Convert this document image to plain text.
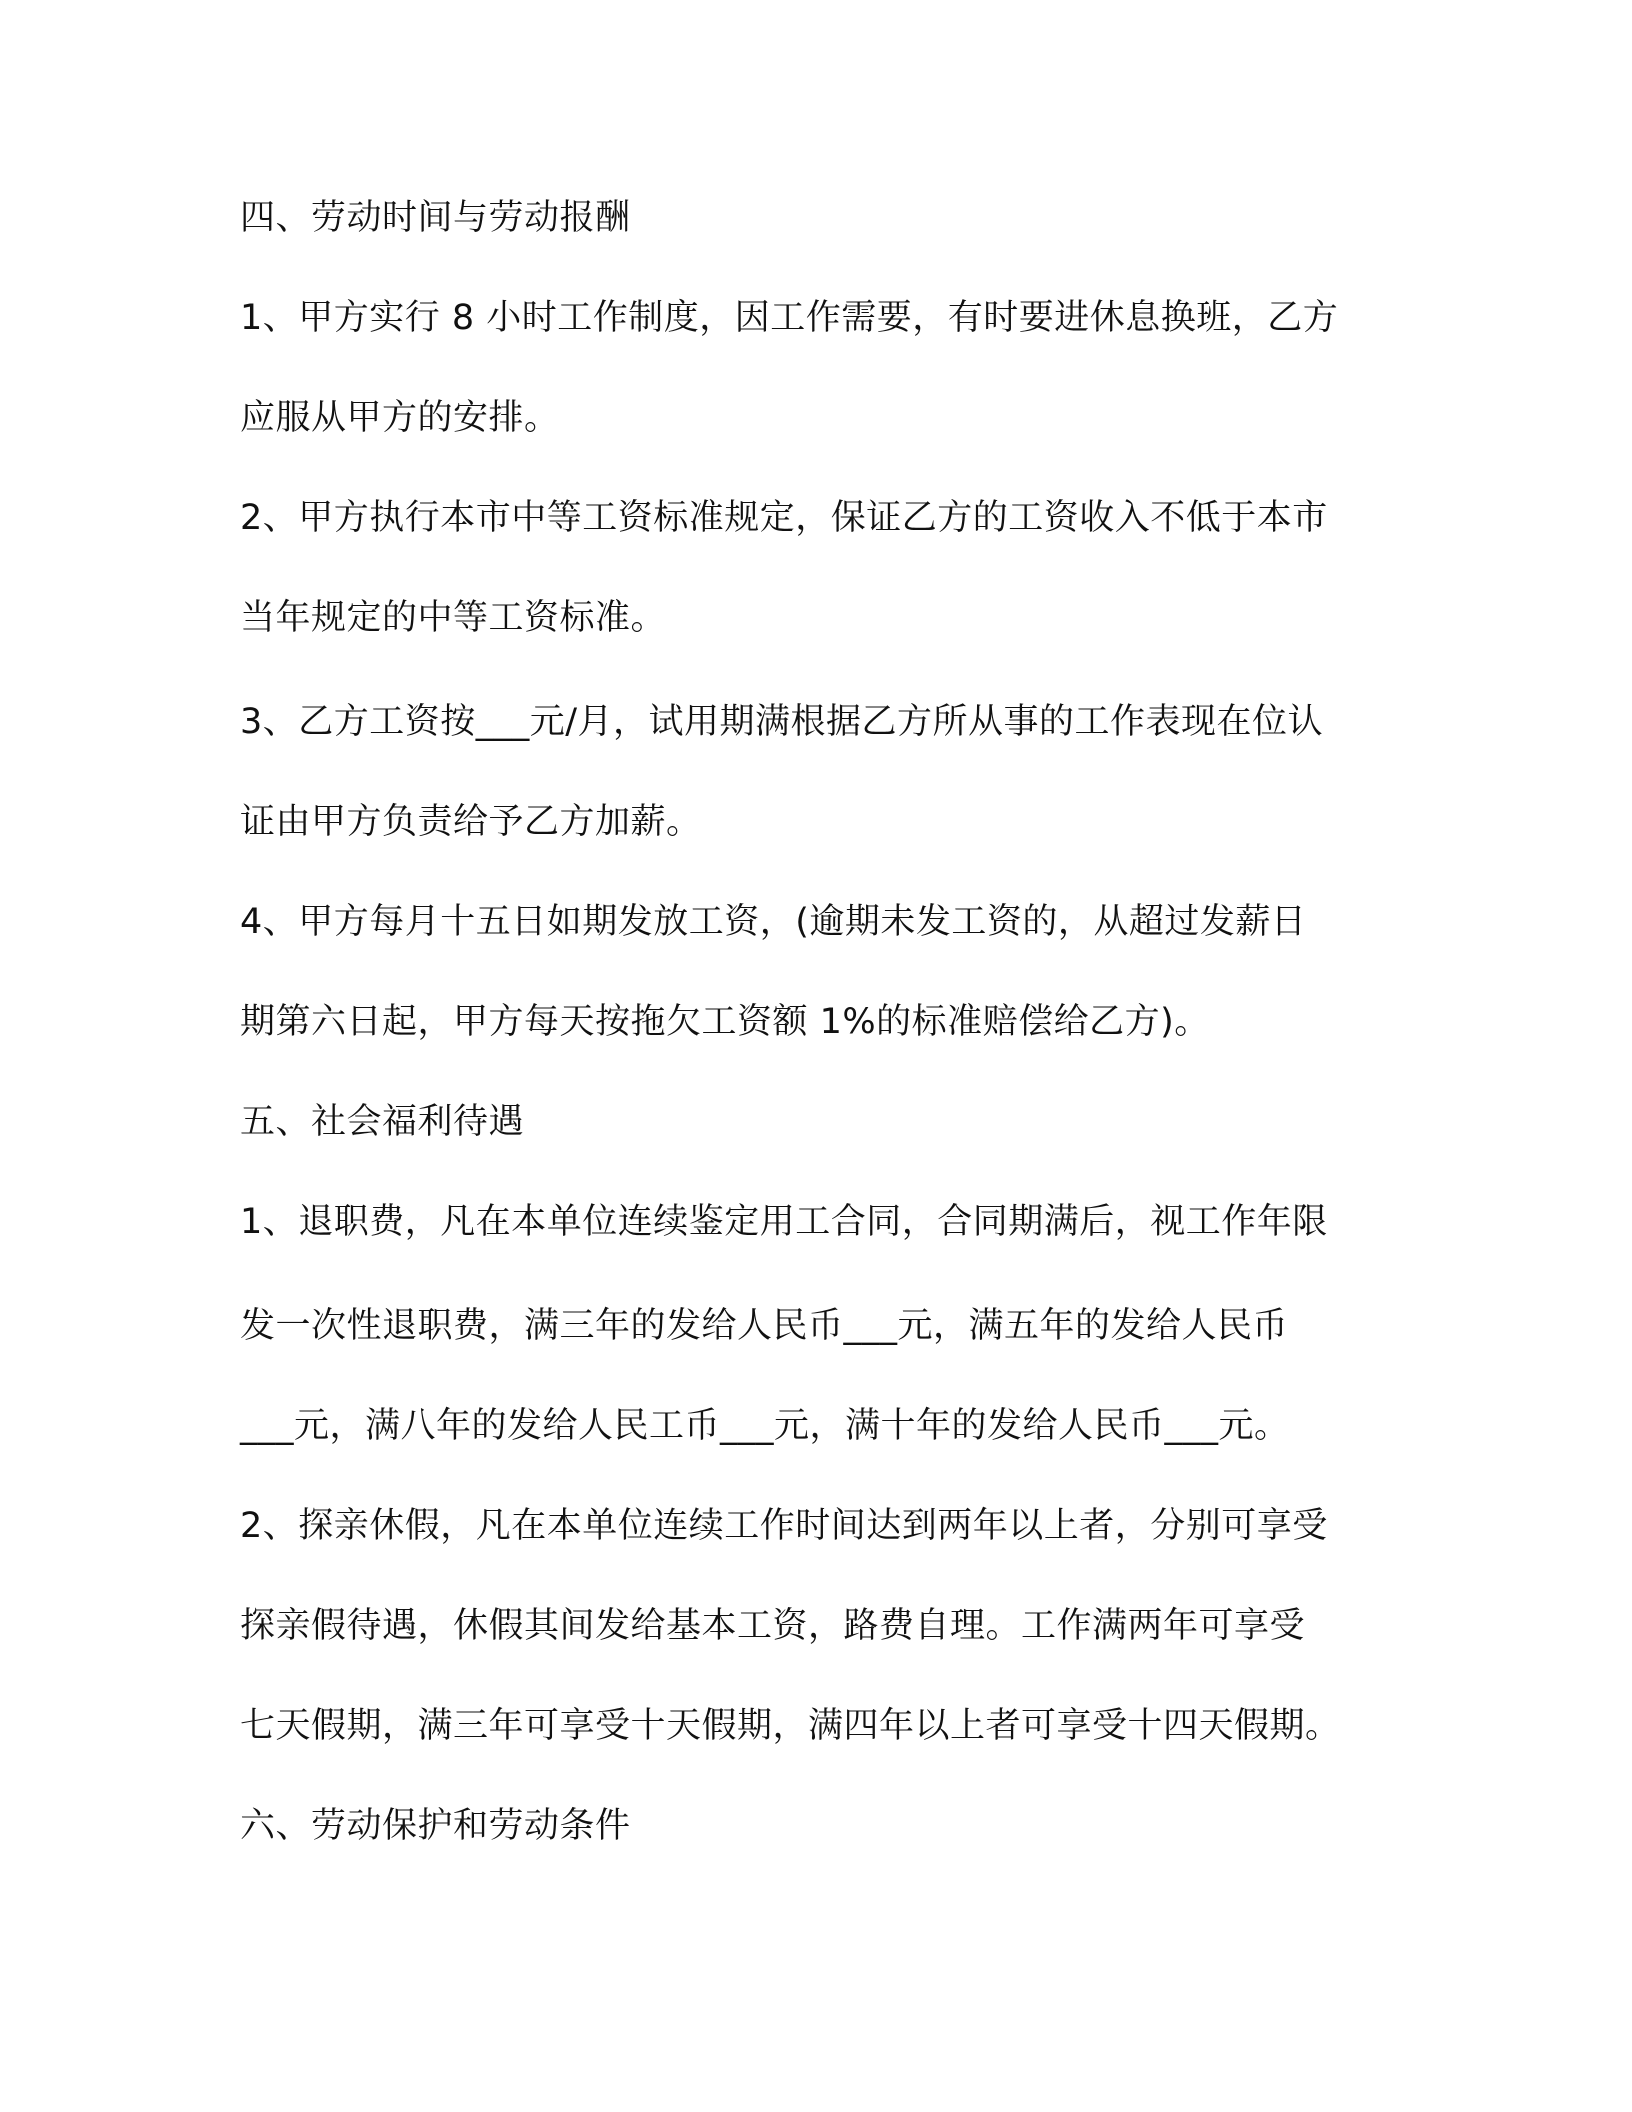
四、劳动时间与劳动报酬

1、甲方实行 8 小时工作制度，因工作需要，有时要进休息换班，乙方

应服从甲方的安排。

2、甲方执行本市中等工资标准规定，保证乙方的工资收入不低于本市

当年规定的中等工资标准。

3、乙方工资按___元/月，试用期满根据乙方所从事的工作表现在位认

证由甲方负责给予乙方加薪。

4、甲方每月十五日如期发放工资，(逾期未发工资的，从超过发薪日

期第六日起，甲方每天按拖欠工资额 1%的标准赔偿给乙方)。

五、社会福利待遇

1、退职费，凡在本单位连续鉴定用工合同，合同期满后，视工作年限

发一次性退职费，满三年的发给人民币___元，满五年的发给人民币

___元，满八年的发给人民工币___元，满十年的发给人民币___元。

2、探亲休假，凡在本单位连续工作时间达到两年以上者，分别可享受

探亲假待遇，休假其间发给基本工资，路费自理。工作满两年可享受

七天假期，满三年可享受十天假期，满四年以上者可享受十四天假期。

六、劳动保护和劳动条件
